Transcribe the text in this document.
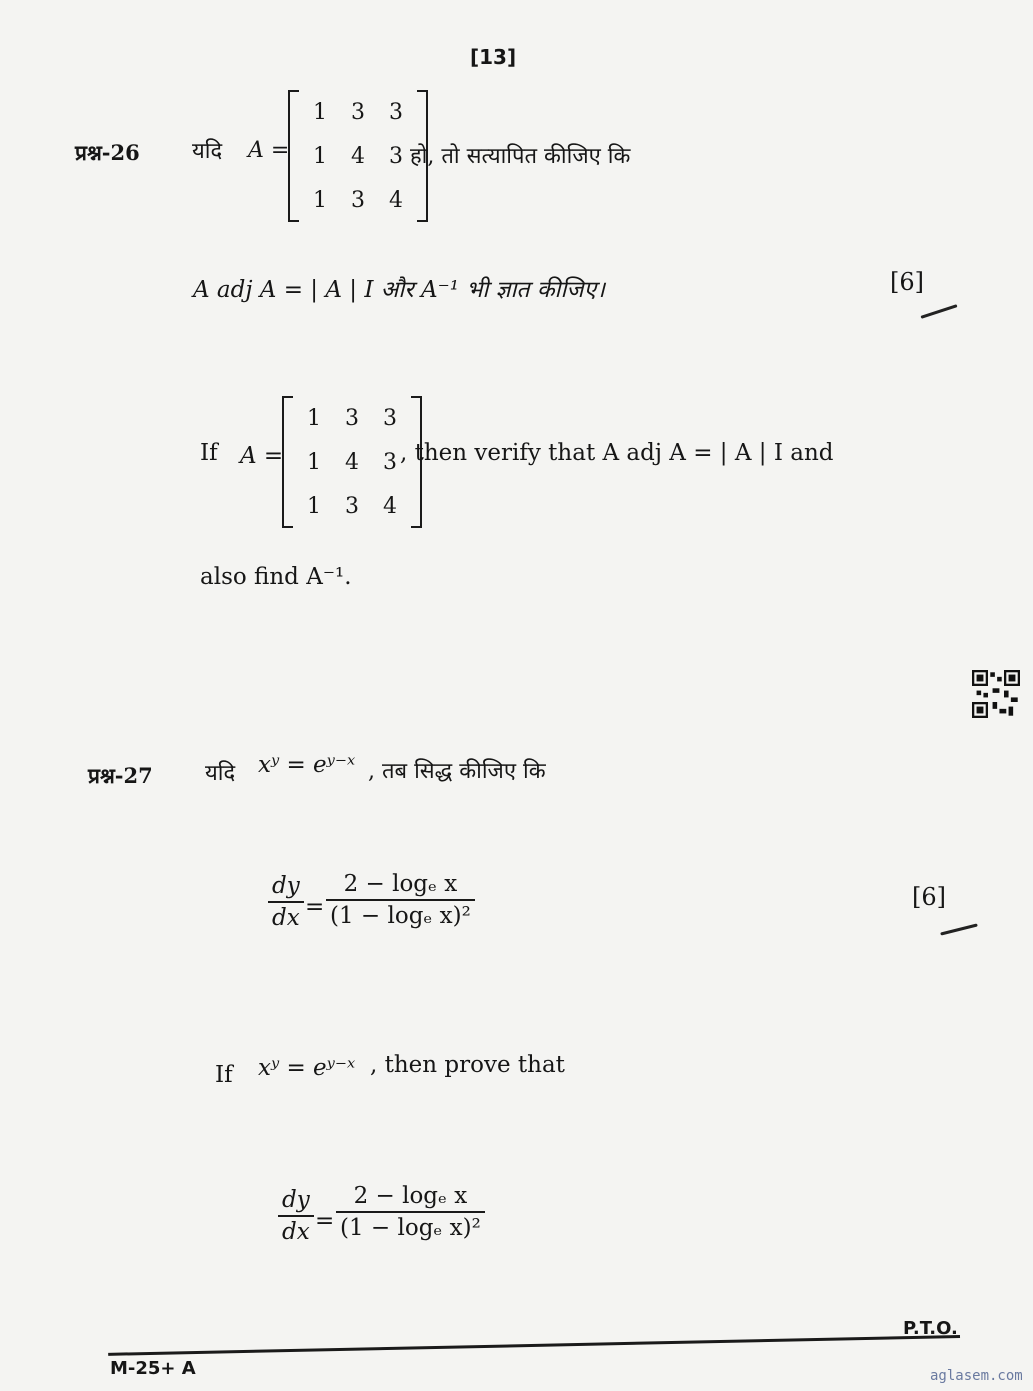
[13]
प्रश्न-26 यदि A =
1 3 3
1 4 3
1 3 4
हो, तो सत्यापित कीजिए कि
A adj A = | A | I और A⁻¹ भी ज्ञात कीजिए।	[6]
If A =
1 3 3
1 4 3
1 3 4
, then verify that A adj A = | A | I and
also find A⁻¹.
प्रश्न-27 यदि xʸ = eʸ⁻ˣ , तब सिद्ध कीजिए कि
dy
dx =
2 − logₑ x
(1 − logₑ x)²
[6]
If xʸ = eʸ⁻ˣ , then prove that
dy
dx =
2 − logₑ x
(1 − logₑ x)²
P.T.O.
M-25+ A	aglasem.com
